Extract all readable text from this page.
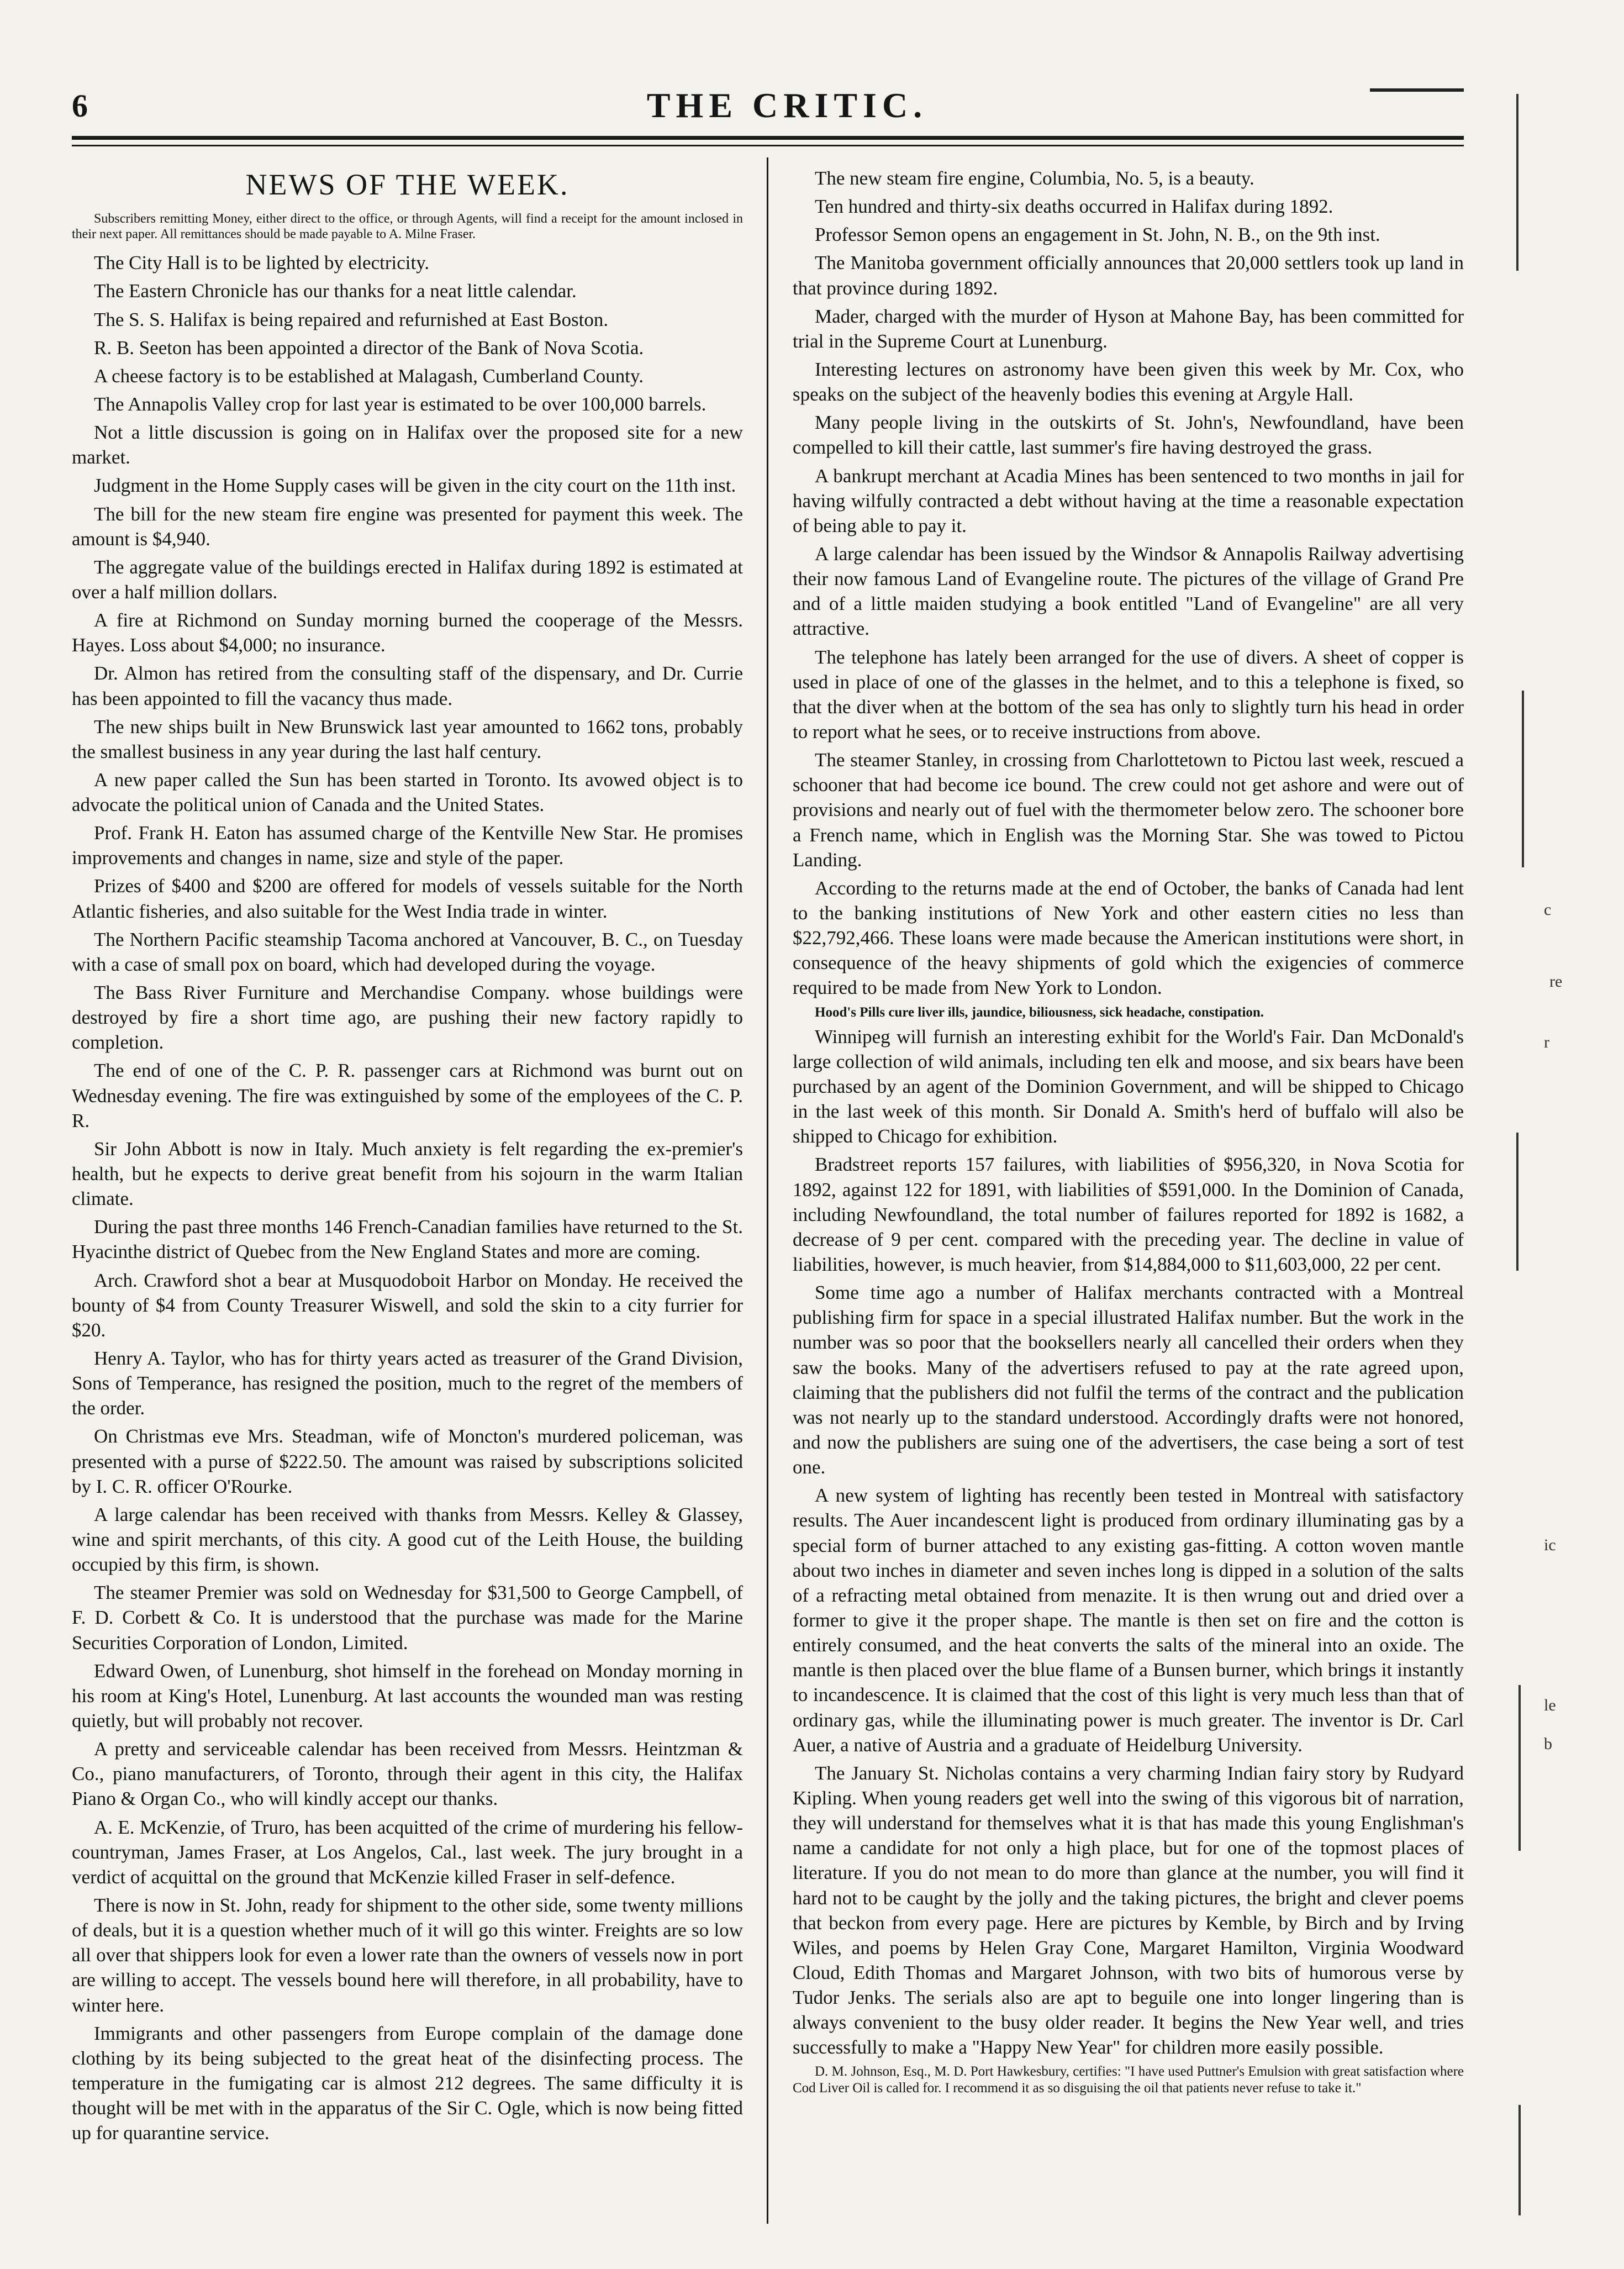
6	THE CRITIC.
NEWS OF THE WEEK.

Subscribers remitting Money, either direct to the office, or through Agents, will find a receipt for the amount inclosed in their next paper. All remittances should be made payable to A. Milne Fraser.

The City Hall is to be lighted by electricity.

The Eastern Chronicle has our thanks for a neat little calendar.

The S. S. Halifax is being repaired and refurnished at East Boston.

R. B. Seeton has been appointed a director of the Bank of Nova Scotia.

A cheese factory is to be established at Malagash, Cumberland County.

The Annapolis Valley crop for last year is estimated to be over 100,000 barrels.

Not a little discussion is going on in Halifax over the proposed site for a new market.

Judgment in the Home Supply cases will be given in the city court on the 11th inst.

The bill for the new steam fire engine was presented for payment this week. The amount is $4,940.

The aggregate value of the buildings erected in Halifax during 1892 is estimated at over a half million dollars.

A fire at Richmond on Sunday morning burned the cooperage of the Messrs. Hayes. Loss about $4,000; no insurance.

Dr. Almon has retired from the consulting staff of the dispensary, and Dr. Currie has been appointed to fill the vacancy thus made.

The new ships built in New Brunswick last year amounted to 1662 tons, probably the smallest business in any year during the last half century.

A new paper called the Sun has been started in Toronto. Its avowed object is to advocate the political union of Canada and the United States.

Prof. Frank H. Eaton has assumed charge of the Kentville New Star. He promises improvements and changes in name, size and style of the paper.

Prizes of $400 and $200 are offered for models of vessels suitable for the North Atlantic fisheries, and also suitable for the West India trade in winter.

The Northern Pacific steamship Tacoma anchored at Vancouver, B. C., on Tuesday with a case of small pox on board, which had developed during the voyage.

The Bass River Furniture and Merchandise Company. whose buildings were destroyed by fire a short time ago, are pushing their new factory rapidly to completion.

The end of one of the C. P. R. passenger cars at Richmond was burnt out on Wednesday evening. The fire was extinguished by some of the employees of the C. P. R.

Sir John Abbott is now in Italy. Much anxiety is felt regarding the ex-premier's health, but he expects to derive great benefit from his sojourn in the warm Italian climate.

During the past three months 146 French-Canadian families have returned to the St. Hyacinthe district of Quebec from the New England States and more are coming.

Arch. Crawford shot a bear at Musquodoboit Harbor on Monday. He received the bounty of $4 from County Treasurer Wiswell, and sold the skin to a city furrier for $20.

Henry A. Taylor, who has for thirty years acted as treasurer of the Grand Division, Sons of Temperance, has resigned the position, much to the regret of the members of the order.

On Christmas eve Mrs. Steadman, wife of Moncton's murdered policeman, was presented with a purse of $222.50. The amount was raised by subscriptions solicited by I. C. R. officer O'Rourke.

A large calendar has been received with thanks from Messrs. Kelley & Glassey, wine and spirit merchants, of this city. A good cut of the Leith House, the building occupied by this firm, is shown.

The steamer Premier was sold on Wednesday for $31,500 to George Campbell, of F. D. Corbett & Co. It is understood that the purchase was made for the Marine Securities Corporation of London, Limited.

Edward Owen, of Lunenburg, shot himself in the forehead on Monday morning in his room at King's Hotel, Lunenburg. At last accounts the wounded man was resting quietly, but will probably not recover.

A pretty and serviceable calendar has been received from Messrs. Heintzman & Co., piano manufacturers, of Toronto, through their agent in this city, the Halifax Piano & Organ Co., who will kindly accept our thanks.

A. E. McKenzie, of Truro, has been acquitted of the crime of murdering his fellow-countryman, James Fraser, at Los Angelos, Cal., last week. The jury brought in a verdict of acquittal on the ground that McKenzie killed Fraser in self-defence.

There is now in St. John, ready for shipment to the other side, some twenty millions of deals, but it is a question whether much of it will go this winter. Freights are so low all over that shippers look for even a lower rate than the owners of vessels now in port are willing to accept. The vessels bound here will therefore, in all probability, have to winter here.

Immigrants and other passengers from Europe complain of the damage done clothing by its being subjected to the great heat of the disinfecting process. The temperature in the fumigating car is almost 212 degrees. The same difficulty it is thought will be met with in the apparatus of the Sir C. Ogle, which is now being fitted up for quarantine service.

The new steam fire engine, Columbia, No. 5, is a beauty.

Ten hundred and thirty-six deaths occurred in Halifax during 1892.

Professor Semon opens an engagement in St. John, N. B., on the 9th inst.

The Manitoba government officially announces that 20,000 settlers took up land in that province during 1892.

Mader, charged with the murder of Hyson at Mahone Bay, has been committed for trial in the Supreme Court at Lunenburg.

Interesting lectures on astronomy have been given this week by Mr. Cox, who speaks on the subject of the heavenly bodies this evening at Argyle Hall.

Many people living in the outskirts of St. John's, Newfoundland, have been compelled to kill their cattle, last summer's fire having destroyed the grass.

A bankrupt merchant at Acadia Mines has been sentenced to two months in jail for having wilfully contracted a debt without having at the time a reasonable expectation of being able to pay it.

A large calendar has been issued by the Windsor & Annapolis Railway advertising their now famous Land of Evangeline route. The pictures of the village of Grand Pre and of a little maiden studying a book entitled "Land of Evangeline" are all very attractive.

The telephone has lately been arranged for the use of divers. A sheet of copper is used in place of one of the glasses in the helmet, and to this a telephone is fixed, so that the diver when at the bottom of the sea has only to slightly turn his head in order to report what he sees, or to receive instructions from above.

The steamer Stanley, in crossing from Charlottetown to Pictou last week, rescued a schooner that had become ice bound. The crew could not get ashore and were out of provisions and nearly out of fuel with the thermometer below zero. The schooner bore a French name, which in English was the Morning Star. She was towed to Pictou Landing.

According to the returns made at the end of October, the banks of Canada had lent to the banking institutions of New York and other eastern cities no less than $22,792,466. These loans were made because the American institutions were short, in consequence of the heavy shipments of gold which the exigencies of commerce required to be made from New York to London.

Hood's Pills cure liver ills, jaundice, biliousness, sick headache, constipation.

Winnipeg will furnish an interesting exhibit for the World's Fair. Dan McDonald's large collection of wild animals, including ten elk and moose, and six bears have been purchased by an agent of the Dominion Government, and will be shipped to Chicago in the last week of this month. Sir Donald A. Smith's herd of buffalo will also be shipped to Chicago for exhibition.

Bradstreet reports 157 failures, with liabilities of $956,320, in Nova Scotia for 1892, against 122 for 1891, with liabilities of $591,000. In the Dominion of Canada, including Newfoundland, the total number of failures reported for 1892 is 1682, a decrease of 9 per cent. compared with the preceding year. The decline in value of liabilities, however, is much heavier, from $14,884,000 to $11,603,000, 22 per cent.

Some time ago a number of Halifax merchants contracted with a Montreal publishing firm for space in a special illustrated Halifax number. But the work in the number was so poor that the booksellers nearly all cancelled their orders when they saw the books. Many of the advertisers refused to pay at the rate agreed upon, claiming that the publishers did not fulfil the terms of the contract and the publication was not nearly up to the standard understood. Accordingly drafts were not honored, and now the publishers are suing one of the advertisers, the case being a sort of test one.

A new system of lighting has recently been tested in Montreal with satisfactory results. The Auer incandescent light is produced from ordinary illuminating gas by a special form of burner attached to any existing gas-fitting. A cotton woven mantle about two inches in diameter and seven inches long is dipped in a solution of the salts of a refracting metal obtained from menazite. It is then wrung out and dried over a former to give it the proper shape. The mantle is then set on fire and the cotton is entirely consumed, and the heat converts the salts of the mineral into an oxide. The mantle is then placed over the blue flame of a Bunsen burner, which brings it instantly to incandescence. It is claimed that the cost of this light is very much less than that of ordinary gas, while the illuminating power is much greater. The inventor is Dr. Carl Auer, a native of Austria and a graduate of Heidelburg University.

The January St. Nicholas contains a very charming Indian fairy story by Rudyard Kipling. When young readers get well into the swing of this vigorous bit of narration, they will understand for themselves what it is that has made this young Englishman's name a candidate for not only a high place, but for one of the topmost places of literature. If you do not mean to do more than glance at the number, you will find it hard not to be caught by the jolly and the taking pictures, the bright and clever poems that beckon from every page. Here are pictures by Kemble, by Birch and by Irving Wiles, and poems by Helen Gray Cone, Margaret Hamilton, Virginia Woodward Cloud, Edith Thomas and Margaret Johnson, with two bits of humorous verse by Tudor Jenks. The serials also are apt to beguile one into longer lingering than is always convenient to the busy older reader. It begins the New Year well, and tries successfully to make a "Happy New Year" for children more easily possible.

D. M. Johnson, Esq., M. D. Port Hawkesbury, certifies: "I have used Puttner's Emulsion with great satisfaction where Cod Liver Oil is called for. I recommend it as so disguising the oil that patients never refuse to take it."

c
re
r
ic
le
b
